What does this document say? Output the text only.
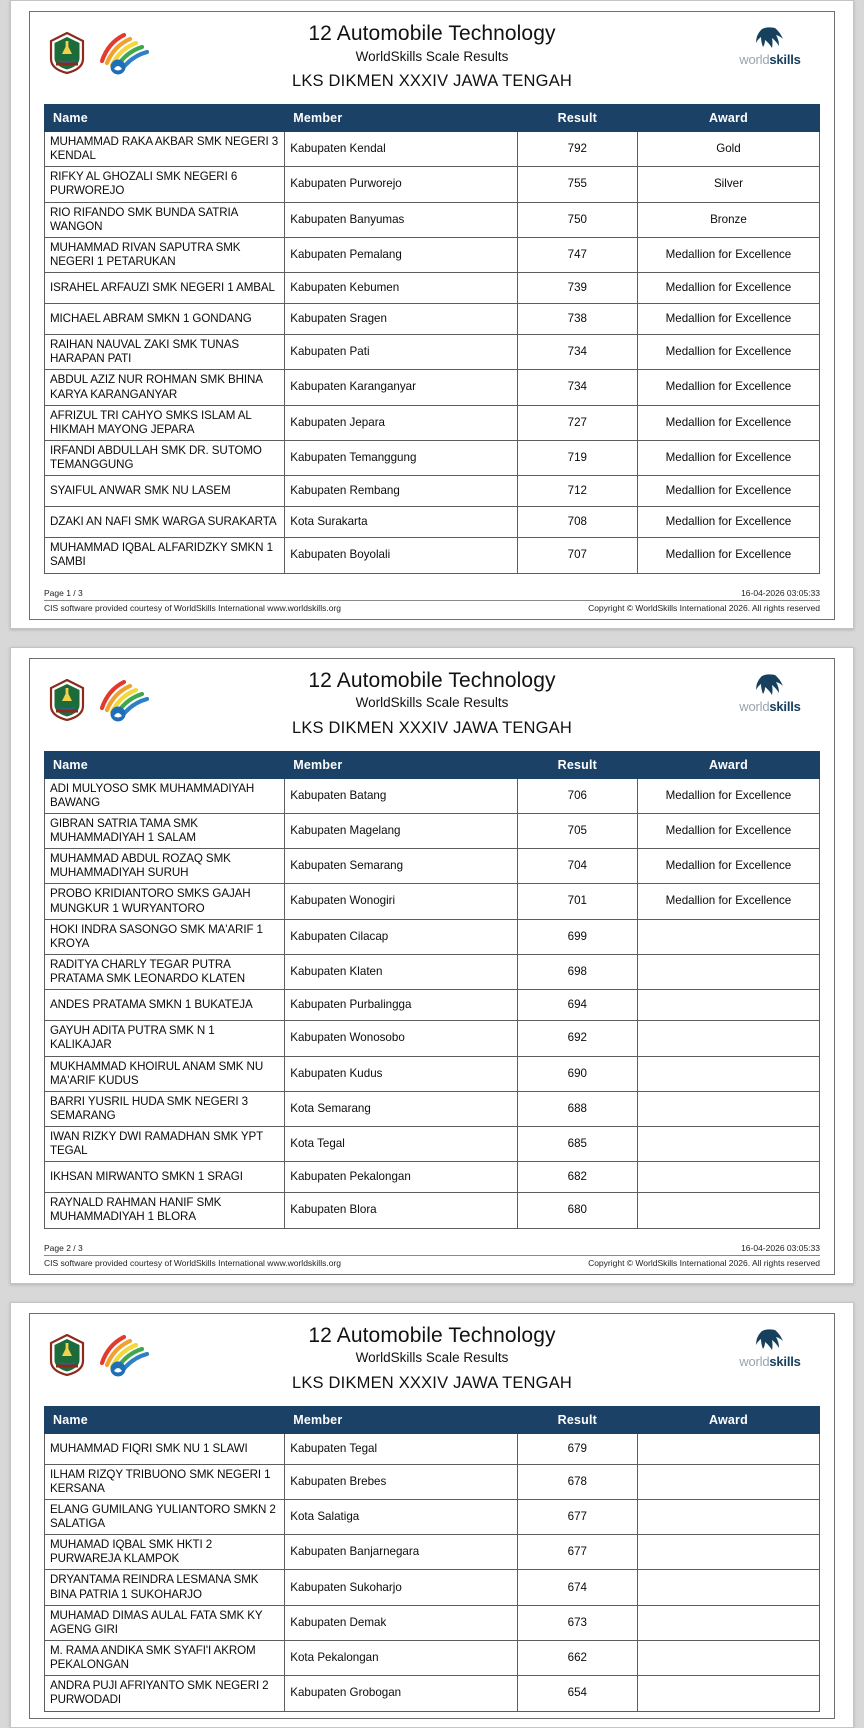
12 Automobile Technology
WorldSkills Scale Results
LKS DIKMEN XXXIV JAWA TENGAH
worldskills
Name	Member	Result	Award
MUHAMMAD RAKA AKBAR SMK NEGERI 3 KENDAL	Kabupaten Kendal	792	Gold
RIFKY AL GHOZALI SMK NEGERI 6 PURWOREJO	Kabupaten Purworejo	755	Silver
RIO RIFANDO SMK BUNDA SATRIA WANGON	Kabupaten Banyumas	750	Bronze
MUHAMMAD RIVAN SAPUTRA SMK NEGERI 1 PETARUKAN	Kabupaten Pemalang	747	Medallion for Excellence
ISRAHEL ARFAUZI SMK NEGERI 1 AMBAL	Kabupaten Kebumen	739	Medallion for Excellence
MICHAEL ABRAM SMKN 1 GONDANG	Kabupaten Sragen	738	Medallion for Excellence
RAIHAN NAUVAL ZAKI SMK TUNAS HARAPAN PATI	Kabupaten Pati	734	Medallion for Excellence
ABDUL AZIZ NUR ROHMAN SMK BHINA KARYA KARANGANYAR	Kabupaten Karanganyar	734	Medallion for Excellence
AFRIZUL TRI CAHYO SMKS ISLAM AL HIKMAH MAYONG JEPARA	Kabupaten Jepara	727	Medallion for Excellence
IRFANDI ABDULLAH SMK DR. SUTOMO TEMANGGUNG	Kabupaten Temanggung	719	Medallion for Excellence
SYAIFUL ANWAR SMK NU LASEM	Kabupaten Rembang	712	Medallion for Excellence
DZAKI AN NAFI SMK WARGA SURAKARTA	Kota Surakarta	708	Medallion for Excellence
MUHAMMAD IQBAL ALFARIDZKY SMKN 1 SAMBI	Kabupaten Boyolali	707	Medallion for Excellence
Page 1 / 3	16-04-2026 03:05:33
CIS software provided courtesy of WorldSkills International www.worldskills.org	Copyright © WorldSkills International 2026. All rights reserved
12 Automobile Technology
WorldSkills Scale Results
LKS DIKMEN XXXIV JAWA TENGAH
worldskills
Name	Member	Result	Award
ADI MULYOSO SMK MUHAMMADIYAH BAWANG	Kabupaten Batang	706	Medallion for Excellence
GIBRAN SATRIA TAMA SMK MUHAMMADIYAH 1 SALAM	Kabupaten Magelang	705	Medallion for Excellence
MUHAMMAD ABDUL ROZAQ SMK MUHAMMADIYAH SURUH	Kabupaten Semarang	704	Medallion for Excellence
PROBO KRIDIANTORO SMKS GAJAH MUNGKUR 1 WURYANTORO	Kabupaten Wonogiri	701	Medallion for Excellence
HOKI INDRA SASONGO SMK MA'ARIF 1 KROYA	Kabupaten Cilacap	699	
RADITYA CHARLY TEGAR PUTRA PRATAMA SMK LEONARDO KLATEN	Kabupaten Klaten	698	
ANDES PRATAMA SMKN 1 BUKATEJA	Kabupaten Purbalingga	694	
GAYUH ADITA PUTRA SMK N 1 KALIKAJAR	Kabupaten Wonosobo	692	
MUKHAMMAD KHOIRUL ANAM SMK NU MA'ARIF KUDUS	Kabupaten Kudus	690	
BARRI YUSRIL HUDA SMK NEGERI 3 SEMARANG	Kota Semarang	688	
IWAN RIZKY DWI RAMADHAN SMK YPT TEGAL	Kota Tegal	685	
IKHSAN MIRWANTO SMKN 1 SRAGI	Kabupaten Pekalongan	682	
RAYNALD RAHMAN HANIF SMK MUHAMMADIYAH 1 BLORA	Kabupaten Blora	680	
Page 2 / 3	16-04-2026 03:05:33
CIS software provided courtesy of WorldSkills International www.worldskills.org	Copyright © WorldSkills International 2026. All rights reserved
12 Automobile Technology
WorldSkills Scale Results
LKS DIKMEN XXXIV JAWA TENGAH
worldskills
Name	Member	Result	Award
MUHAMMAD FIQRI SMK NU 1 SLAWI	Kabupaten Tegal	679	
ILHAM RIZQY TRIBUONO SMK NEGERI 1 KERSANA	Kabupaten Brebes	678	
ELANG GUMILANG YULIANTORO SMKN 2 SALATIGA	Kota Salatiga	677	
MUHAMAD IQBAL SMK HKTI 2 PURWAREJA KLAMPOK	Kabupaten Banjarnegara	677	
DRYANTAMA REINDRA LESMANA SMK BINA PATRIA 1 SUKOHARJO	Kabupaten Sukoharjo	674	
MUHAMAD DIMAS AULAL FATA SMK KY AGENG GIRI	Kabupaten Demak	673	
M. RAMA ANDIKA SMK SYAFI'I AKROM PEKALONGAN	Kota Pekalongan	662	
ANDRA PUJI AFRIYANTO SMK NEGERI 2 PURWODADI	Kabupaten Grobogan	654	
